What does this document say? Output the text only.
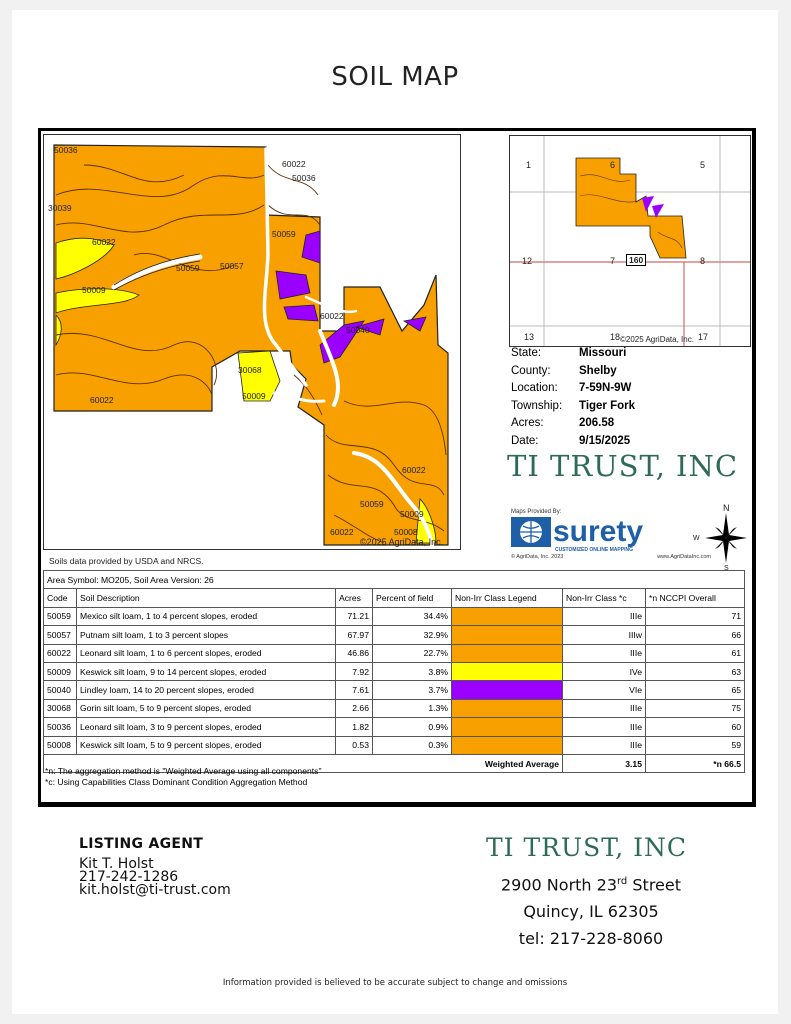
SOIL MAP
50036
60022
50036
30039
60022
50059
50059 50057
50009
60022
50040
30068
50009
60022
60022
50059
50009
60022	50008
©2025 AgriData, Inc.
1	6	5
12	7	8
13	18	17
160
©2025 AgriData, Inc.
State:	Missouri
County:	Shelby
Location:	7-59N-9W
Township:	Tiger Fork
Acres:	206.58
Date:	9/15/2025
TI TRUST, INC
Maps Provided By:
surety
CUSTOMIZED ONLINE MAPPING
© AgriData, Inc. 2023	www.AgriDataInc.com
N
W
S
Soils data provided by USDA and NRCS.
Area Symbol: MO205, Soil Area Version: 26						
Code	Soil Description	Acres	Percent of field	Non-Irr Class Legend	Non-Irr Class *c	*n NCCPI Overall
50059	Mexico silt loam, 1 to 4 percent slopes, eroded	71.21	34.4%		IIIe	71
50057	Putnam silt loam, 1 to 3 percent slopes	67.97	32.9%		IIIw	66
60022	Leonard silt loam, 1 to 6 percent slopes, eroded	46.86	22.7%		IIIe	61
50009	Keswick silt loam, 9 to 14 percent slopes, eroded	7.92	3.8%		IVe	63
50040	Lindley loam, 14 to 20 percent slopes, eroded	7.61	3.7%		VIe	65
30068	Gorin silt loam, 5 to 9 percent slopes, eroded	2.66	1.3%		IIIe	75
50036	Leonard silt loam, 3 to 9 percent slopes, eroded	1.82	0.9%		IIIe	60
50008	Keswick silt loam, 5 to 9 percent slopes, eroded	0.53	0.3%		IIIe	59
Weighted Average					3.15	*n 66.5
*n: The aggregation method is "Weighted Average using all components"
*c: Using Capabilities Class Dominant Condition Aggregation Method
LISTING AGENT
Kit T. Holst
217-242-1286
kit.holst@ti-trust.com
TI TRUST, INC
2900 North 23rd Street
Quincy, IL 62305
tel: 217-228-8060
Information provided is believed to be accurate subject to change and omissions
